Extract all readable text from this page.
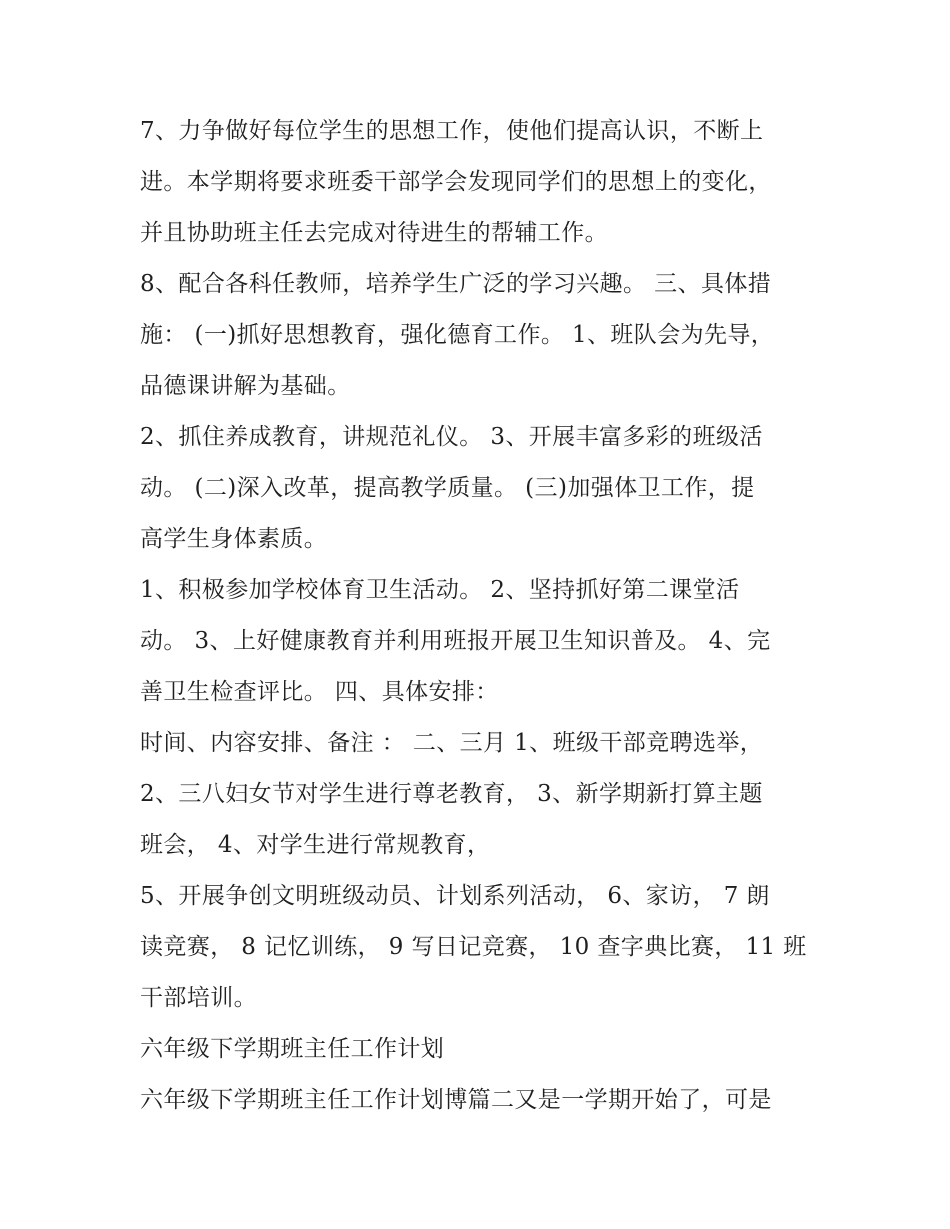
7、力争做好每位学生的思想工作，使他们提高认识，不断上
进。本学期将要求班委干部学会发现同学们的思想上的变化，
并且协助班主任去完成对待进生的帮辅工作。
8、配合各科任教师，培养学生广泛的学习兴趣。 三、具体措
施： (一)抓好思想教育，强化德育工作。 1、班队会为先导，
品德课讲解为基础。
2、抓住养成教育，讲规范礼仪。 3、开展丰富多彩的班级活
动。 (二)深入改革，提高教学质量。 (三)加强体卫工作，提
高学生身体素质。
1、积极参加学校体育卫生活动。 2、坚持抓好第二课堂活
动。 3、上好健康教育并利用班报开展卫生知识普及。 4、完
善卫生检查评比。 四、具体安排：
时间、内容安排、备注 ： 二、三月 1、班级干部竞聘选举，
2、三八妇女节对学生进行尊老教育， 3、新学期新打算主题
班会， 4、对学生进行常规教育，
5、开展争创文明班级动员、计划系列活动， 6、家访， 7 朗
读竞赛， 8 记忆训练， 9 写日记竞赛， 10 查字典比赛， 11 班
干部培训。
六年级下学期班主任工作计划
六年级下学期班主任工作计划博篇二又是一学期开始了，可是
